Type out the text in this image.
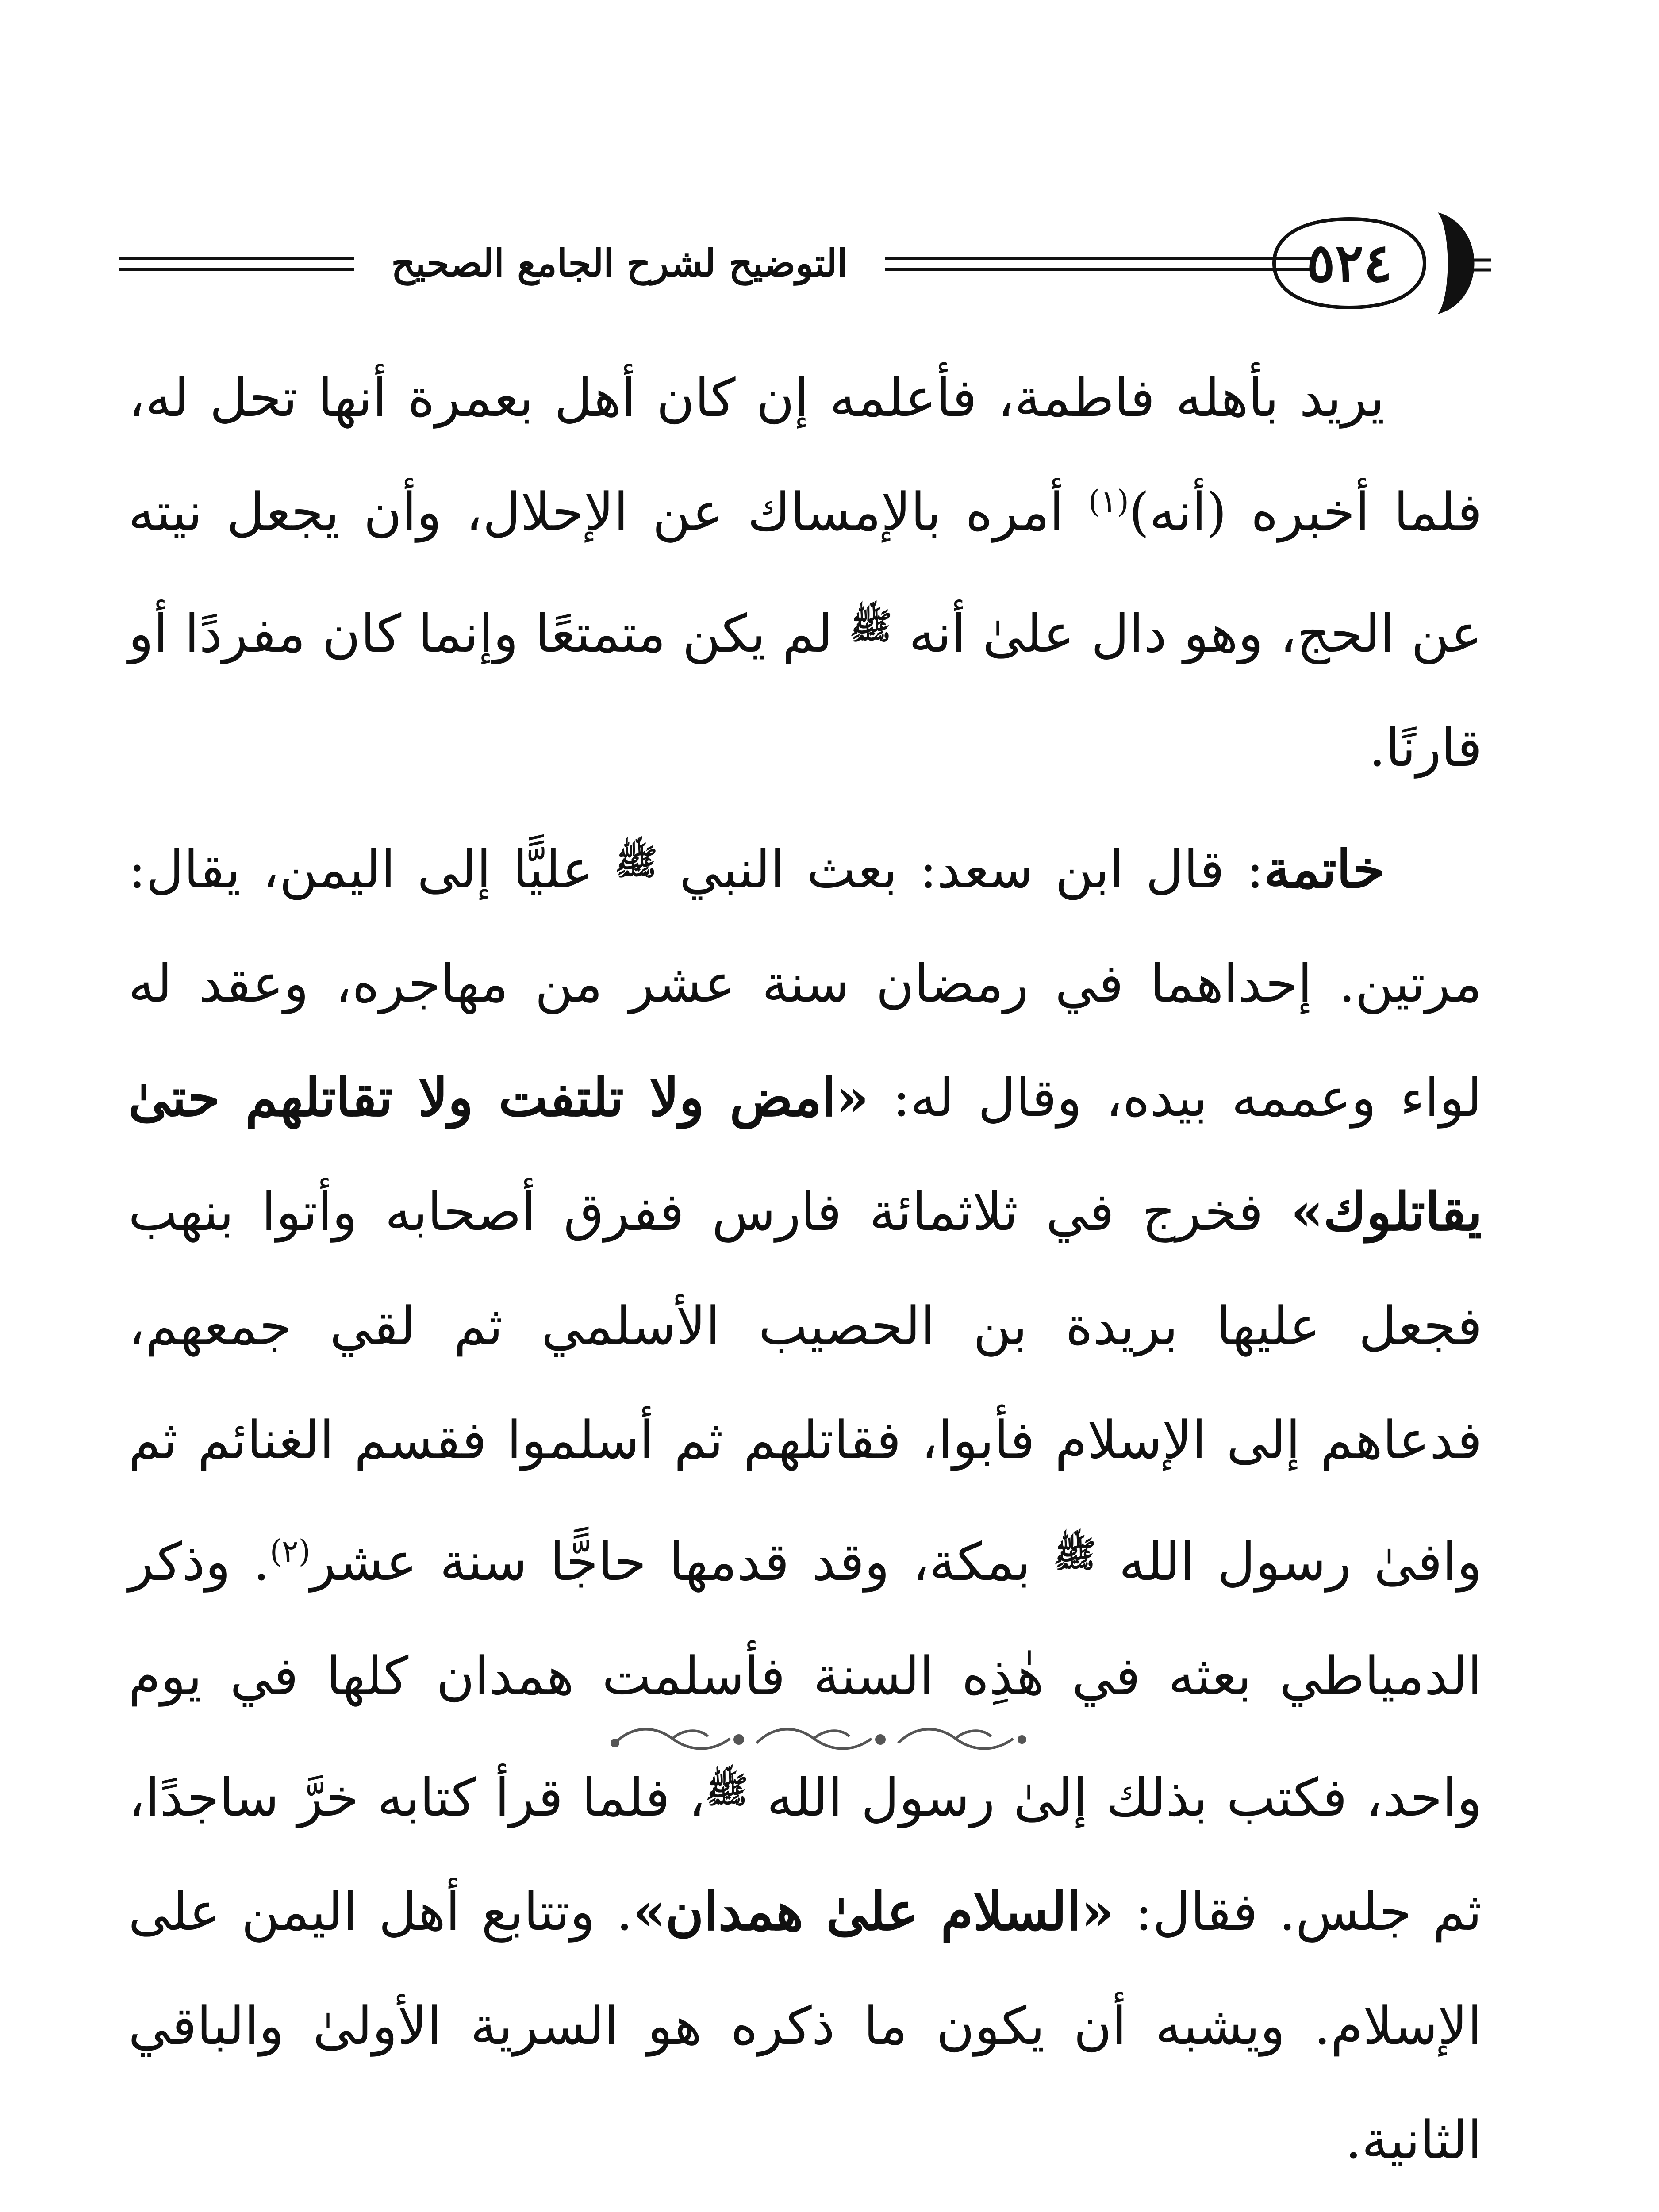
التوضيح لشرح الجامع الصحيح	٥٢٤

يريد بأهله فاطمة، فأعلمه إن كان أهل بعمرة أنها تحل له، فلما أخبره (أنه)$^{(١)}$ أمره بالإمساك عن الإحلال، وأن يجعل نيته عن الحج، وهو دال علىٰ أنه $^ﷺ$ لم يكن متمتعًا وإنما كان مفردًا أو قارنًا.

خاتمة: قال ابن سعد: بعث النبي $^ﷺ$ عليًّا إلى اليمن، يقال: مرتين. إحداهما في رمضان سنة عشر من مهاجره، وعقد له لواء وعممه بيده، وقال له: «امض ولا تلتفت ولا تقاتلهم حتىٰ يقاتلوك» فخرج في ثلاثمائة فارس ففرق أصحابه وأتوا بنهب فجعل عليها بريدة بن الحصيب الأسلمي ثم لقي جمعهم، فدعاهم إلى الإسلام فأبوا، فقاتلهم ثم أسلموا فقسم الغنائم ثم وافىٰ رسول الله $^ﷺ$ بمكة، وقد قدمها حاجًّا سنة عشر$^{(٢)}$. وذكر الدمياطي بعثه في هٰذِه السنة فأسلمت همدان كلها في يوم واحد، فكتب بذلك إلىٰ رسول الله $^ﷺ$، فلما قرأ كتابه خرَّ ساجدًا، ثم جلس. فقال: «السلام علىٰ همدان». وتتابع أهل اليمن على الإسلام. ويشبه أن يكون ما ذكره هو السرية الأولىٰ والباقي الثانية.
